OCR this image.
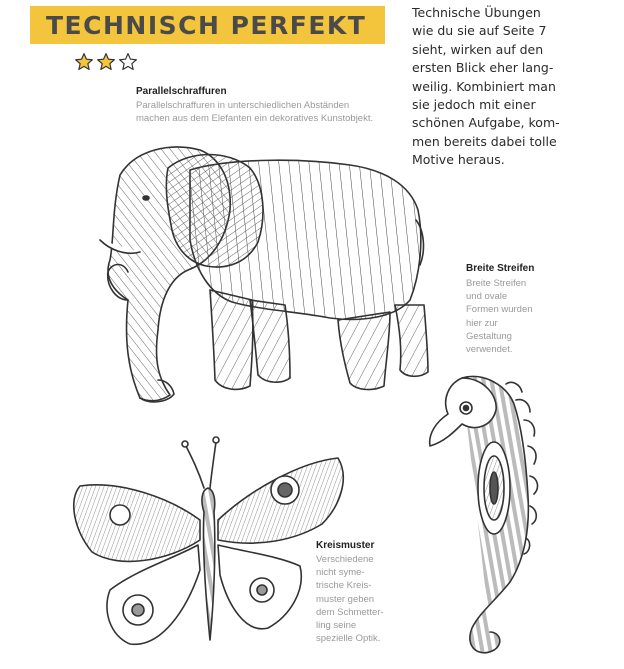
TECHNISCH PERFEKT	Technische Übungen
wie du sie auf Seite 7
sieht, wirken auf den
ersten Blick eher lang-
weilig. Kombiniert man
sie jedoch mit einer
schönen Aufgabe, kom-
men bereits dabei tolle
Motive heraus.
Parallelschraffuren
Parallelschraffuren in unterschiedlichen Abständen
machen aus dem Elefanten ein dekoratives Kunstobjekt.
Breite Streifen
Breite Streifen
und ovale
Formen wurden
hier zur
Gestaltung
verwendet.
Kreismuster
Verschiedene
nicht syme-
trische Kreis-
muster geben
dem Schmetter-
ling seine
spezielle Optik.
